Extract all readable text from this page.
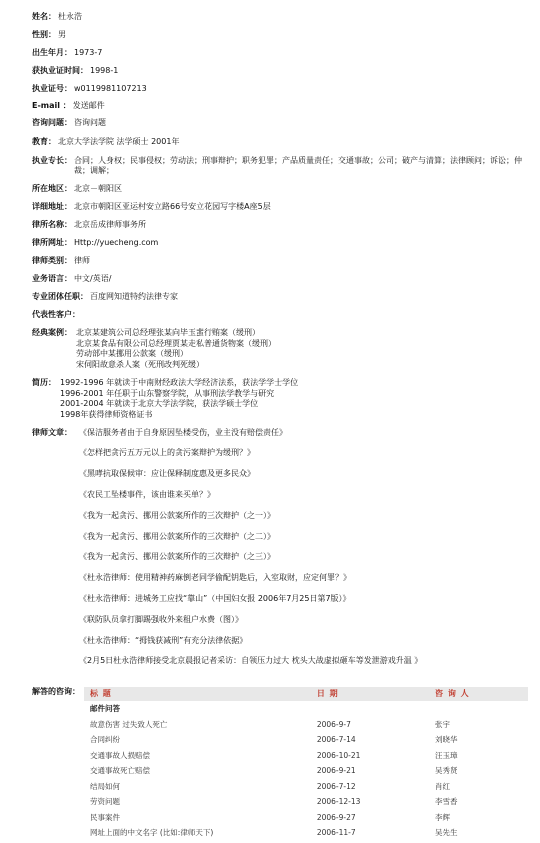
姓名： 杜永浩
性别： 男
出生年月： 1973-7
获执业证时间： 1998-1
执业证号： w0119981107213
E-mail ： 发送邮件
咨询问题： 咨询问题
教育： 北京大学法学院 法学硕士 2001年
执业专长： 合同；人身权；民事侵权；劳动法；刑事辩护；职务犯罪；产品质量责任；交通事故；公司；破产与清算；法律顾问；诉讼；仲裁；调解；
所在地区： 北京－朝阳区
详细地址： 北京市朝阳区亚运村安立路66号安立花园写字楼A座5层
律所名称： 北京岳成律师事务所
律所网址： Http://yuecheng.com
律师类别： 律师
业务语言： 中文/英语/
专业团体任职： 百度网知道特约法律专家
代表性客户：
经典案例： 北京某建筑公司总经理张某向毕玉蜚行贿案（缓刑）
北京某食品有限公司总经理贾某走私普通货物案（缓刑）
劳动部中某挪用公款案（缓刑）
宋伺阳故意杀人案（死刑改判死缓）
简历： 1992-1996 年就读于中南财经政法大学经济法系，获法学学士学位
1996-2001 年任职于山东警察学院，从事刑法学教学与研究
2001-2004 年就读于北京大学法学院，获法学硕士学位
1998年获得律师资格证书
律师文章： 《保洁服务者由于自身原因坠楼受伤，业主没有赔偿责任》
《怎样把贪污五万元以上的贪污案辩护为缓刑？》
《黑哮抗取保候审：应让保释制度惠及更多民众》
《农民工坠楼事件，该由谁来买单？》
《我为一起贪污、挪用公款案所作的三次辩护（之一）》
《我为一起贪污、挪用公款案所作的三次辩护（之二）》
《我为一起贪污、挪用公款案所作的三次辩护（之三）》
《杜永浩律师：使用精神药麻倒老同学偷配钥匙后，入室取财，应定何罪？》
《杜永浩律师：进城务工应找“靠山”（中国妇女报 2006年7月25日第7版）》
《联防队员拿打脚踢强收外来租户水费（图）》
《杜永浩律师：“拇钱获减刑”有充分法律依据》
《2月5日杜永浩律师接受北京晨报记者采访：自领压力过大 枕头大战虚拟砸车等发泄游戏升温 》
解答的咨询： 标 题	日 期	咨 询 人
邮件问答		
故意伤害 过失致人死亡	2006-9-7	张宇
合同纠纷	2006-7-14	刘晓华
交通事故人损赔偿	2006-10-21	汪玉璋
交通事故死亡赔偿	2006-9-21	吴秀贤
结局如何	2006-7-12	肖红
劳资问题	2006-12-13	李雪香
民事案件	2006-9-27	李辉
网址上面的中文名字 (比如:律师天下)	2006-11-7	吴先生
